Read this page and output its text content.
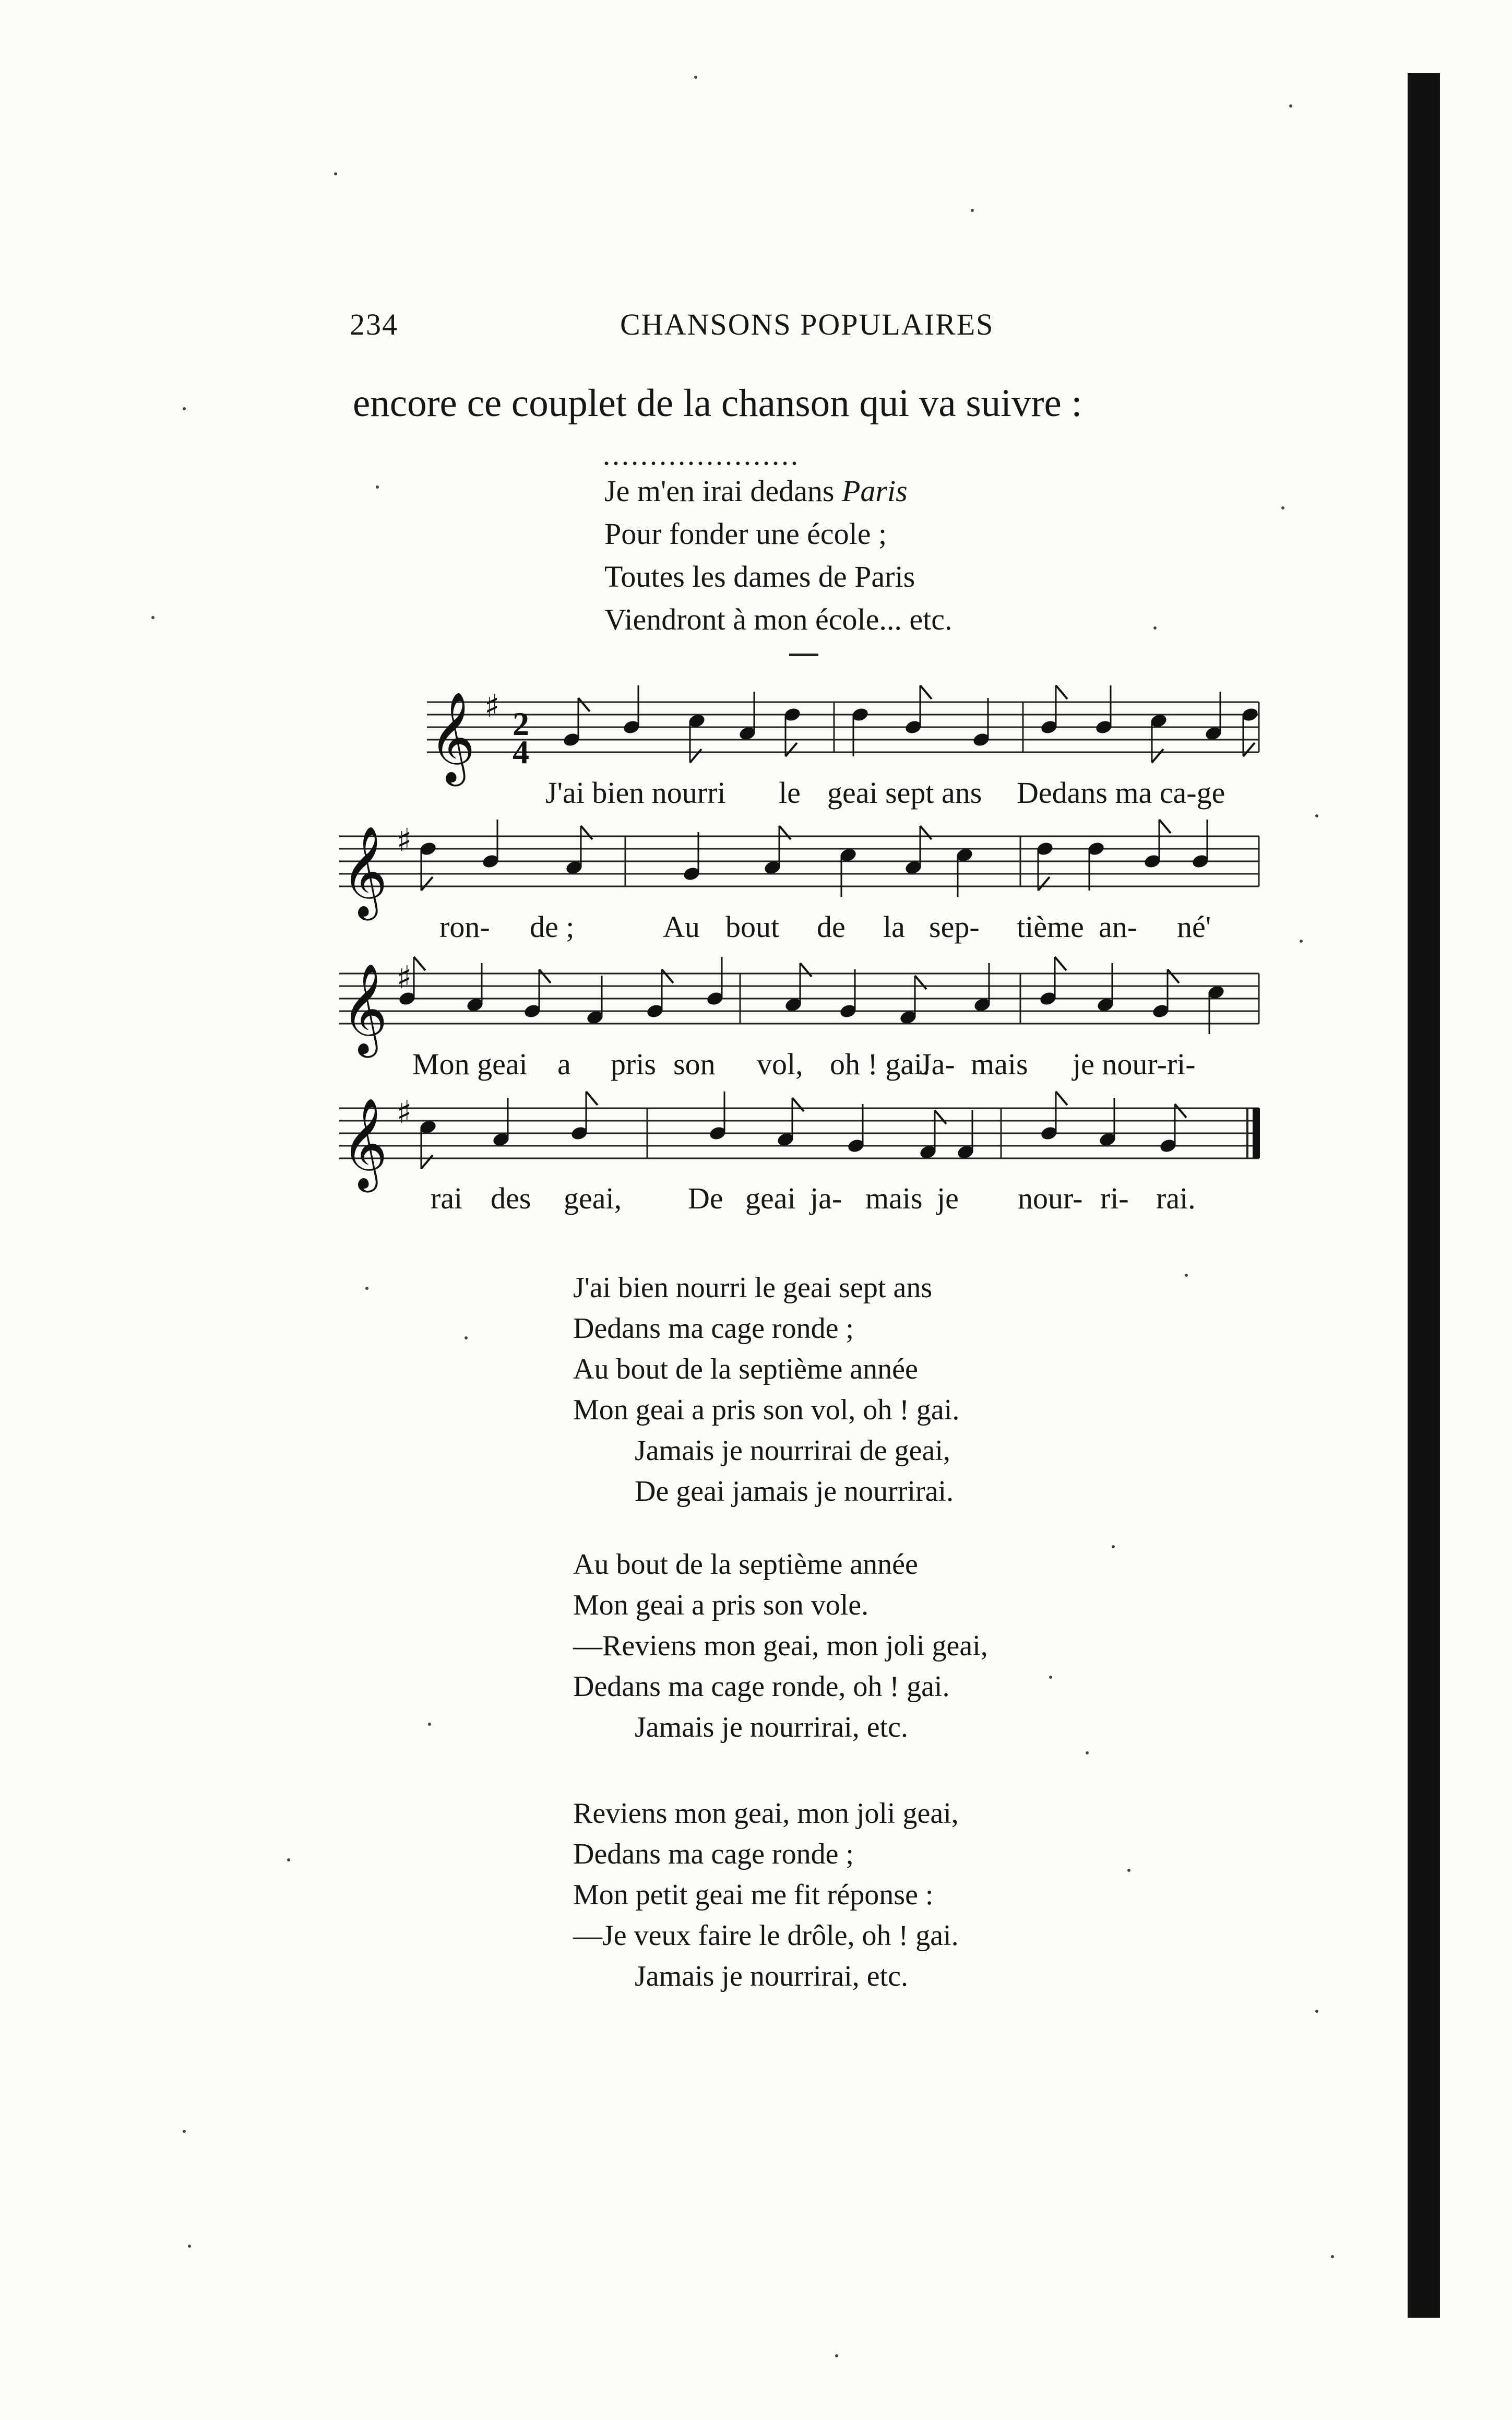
234	CHANSONS POPULAIRES
encore ce couplet de la chanson qui va suivre :
.....................
Je m'en irai dedans Paris
Pour fonder une école ;
Toutes les dames de Paris
Viendront à mon école... etc.
𝄞 ♯
𝄞 ♯
𝄞 ♯
𝄞 ♯
2
4
J'ai bien nourri le geai sept ans Dedans ma ca-ge
ron- de ;	Au bout de la sep- tième an- né'
Mon geai a pris son vol, oh ! gai.
Ja- mais je nour-ri-
rai des geai, De geai ja- mais je nour- ri- rai.
J'ai bien nourri le geai sept ans
Dedans ma cage ronde ;
Au bout de la septième année
Mon geai a pris son vol, oh ! gai.
Jamais je nourrirai de geai,
De geai jamais je nourrirai.
Au bout de la septième année
Mon geai a pris son vole.
—Reviens mon geai, mon joli geai,
Dedans ma cage ronde, oh ! gai.
Jamais je nourrirai, etc.
Reviens mon geai, mon joli geai,
Dedans ma cage ronde ;
Mon petit geai me fit réponse :
—Je veux faire le drôle, oh ! gai.
Jamais je nourrirai, etc.
